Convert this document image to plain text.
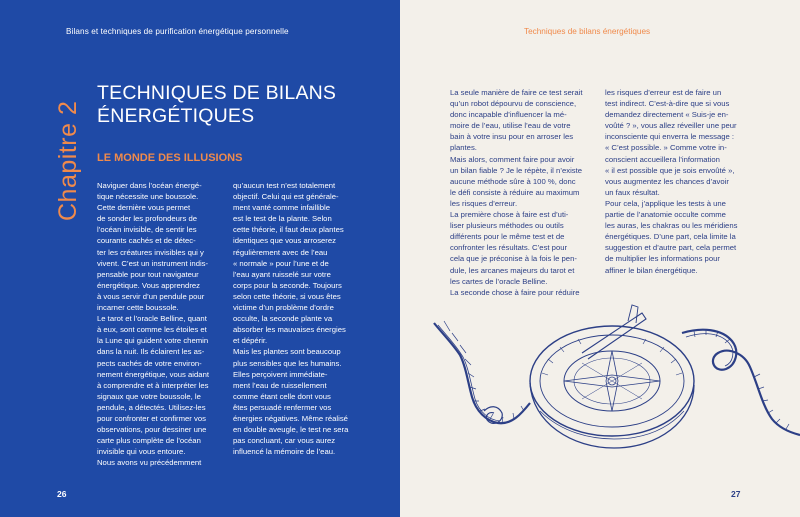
Bilans et techniques de purification énergétique personnelle
Chapitre 2
TECHNIQUES DE BILANS
ÉNERGÉTIQUES
LE MONDE DES ILLUSIONS

Naviguer dans l’océan énergé-

tique nécessite une boussole.

Cette dernière vous permet

de sonder les profondeurs de

l’océan invisible, de sentir les

courants cachés et de détec-

ter les créatures invisibles qui y

vivent. C’est un instrument indis-

pensable pour tout navigateur

énergétique. Vous apprendrez

à vous servir d’un pendule pour

incarner cette boussole.

Le tarot et l’oracle Belline, quant

à eux, sont comme les étoiles et

la Lune qui guident votre chemin

dans la nuit. Ils éclairent les as-

pects cachés de votre environ-

nement énergétique, vous aidant

à comprendre et à interpréter les

signaux que votre boussole, le

pendule, a détectés. Utilisez-les

pour confronter et confirmer vos

observations, pour dessiner une

carte plus complète de l’océan

invisible qui vous entoure.

Nous avons vu précédemment

qu’aucun test n’est totalement

objectif. Celui qui est générale-

ment vanté comme infaillible

est le test de la plante. Selon

cette théorie, il faut deux plantes

identiques que vous arroserez

régulièrement avec de l’eau

« normale » pour l’une et de

l’eau ayant ruisselé sur votre

corps pour la seconde. Toujours

selon cette théorie, si vous êtes

victime d’un problème d’ordre

occulte, la seconde plante va

absorber les mauvaises énergies

et dépérir.

Mais les plantes sont beaucoup

plus sensibles que les humains.

Elles perçoivent immédiate-

ment l’eau de ruissellement

comme étant celle dont vous

êtes persuadé renfermer vos

énergies négatives. Même réalisé

en double aveugle, le test ne sera

pas concluant, car vous aurez

influencé la mémoire de l’eau.

26
Techniques de bilans énergétiques

La seule manière de faire ce test serait

qu’un robot dépourvu de conscience,

donc incapable d’influencer la mé-

moire de l’eau, utilise l’eau de votre

bain à votre insu pour en arroser les

plantes.

Mais alors, comment faire pour avoir

un bilan fiable ? Je le répète, il n’existe

aucune méthode sûre à 100 %, donc

le défi consiste à réduire au maximum

les risques d’erreur.

La première chose à faire est d’uti-

liser plusieurs méthodes ou outils

différents pour le même test et de

confronter les résultats. C’est pour

cela que je préconise à la fois le pen-

dule, les arcanes majeurs du tarot et

les cartes de l’oracle Belline.

La seconde chose à faire pour réduire

les risques d’erreur est de faire un

test indirect. C’est-à-dire que si vous

demandez directement « Suis-je en-

voûté ? », vous allez réveiller une peur

inconsciente qui enverra le message :

« C’est possible. » Comme votre in-

conscient accueillera l’information

« il est possible que je sois envoûté »,

vous augmentez les chances d’avoir

un faux résultat.

Pour cela, j’applique les tests à une

partie de l’anatomie occulte comme

les auras, les chakras ou les méridiens

énergétiques. D’une part, cela limite la

suggestion et d’autre part, cela permet

de multiplier les informations pour

affiner le bilan énergétique.

27
